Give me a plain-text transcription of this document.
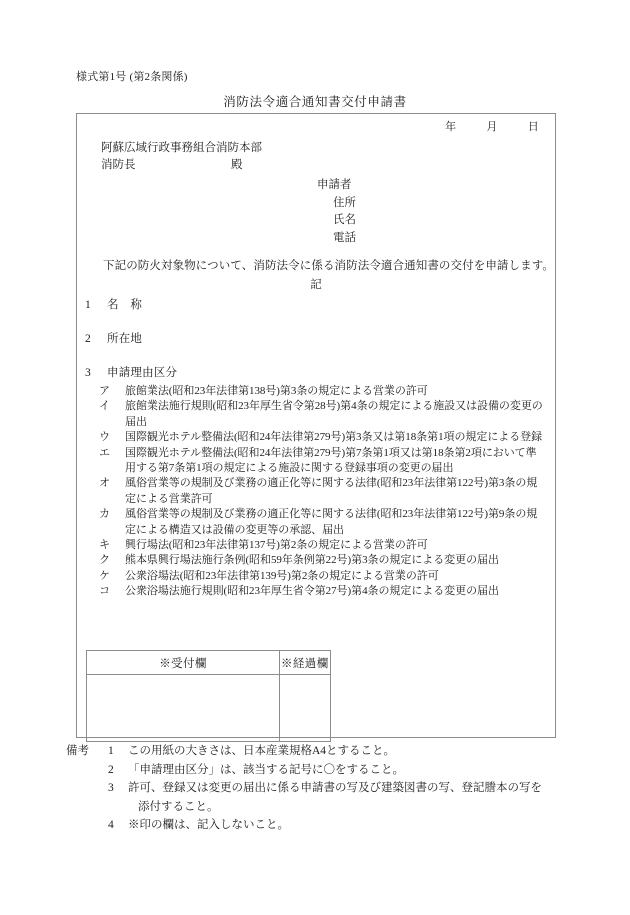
様式第1号 (第2条関係)
消防法令適合通知書交付申請書
年	月	日
阿蘇広域行政事務組合消防本部
消防長	殿
申請者
住所
氏名
電話
下記の防火対象物について、消防法令に係る消防法令適合通知書の交付を申請します。
記
1 名　称
2 所在地
3 申請理由区分
ア	旅館業法(昭和23年法律第138号)第3条の規定による営業の許可
イ	旅館業法施行規則(昭和23年厚生省令第28号)第4条の規定による施設又は設備の変更の届出
ウ	国際観光ホテル整備法(昭和24年法律第279号)第3条又は第18条第1項の規定による登録
エ	国際観光ホテル整備法(昭和24年法律第279号)第7条第1項又は第18条第2項において準用する第7条第1項の規定による施設に関する登録事項の変更の届出
オ	風俗営業等の規制及び業務の適正化等に関する法律(昭和23年法律第122号)第3条の規定による営業許可
カ	風俗営業等の規制及び業務の適正化等に関する法律(昭和23年法律第122号)第9条の規定による構造又は設備の変更等の承認、届出
キ	興行場法(昭和23年法律第137号)第2条の規定による営業の許可
ク	熊本県興行場法施行条例(昭和59年条例第22号)第3条の規定による変更の届出
ケ	公衆浴場法(昭和23年法律第139号)第2条の規定による営業の許可
コ	公衆浴場法施行規則(昭和23年厚生省令第27号)第4条の規定による変更の届出
※受付欄	※経過欄

備考	1	この用紙の大きさは、日本産業規格A4とすること。
2	「申請理由区分」は、該当する記号に〇をすること。
3	許可、登録又は変更の届出に係る申請書の写及び建築図書の写、登記謄本の写を
添付すること。
4	※印の欄は、記入しないこと。
